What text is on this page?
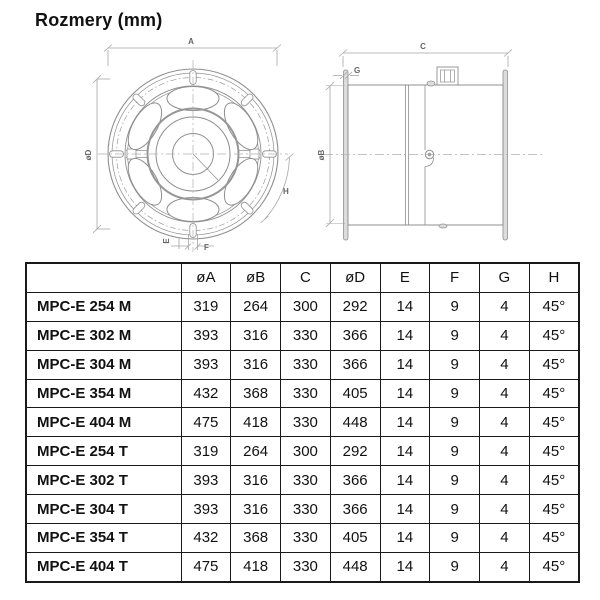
Rozmery (mm)
A
øD
H
E
F
C
G
øB
	øA	øB	C	øD	E	F	G	H
MPC-E 254 M	319	264	300	292	14	9	4	45°
MPC-E 302 M	393	316	330	366	14	9	4	45°
MPC-E 304 M	393	316	330	366	14	9	4	45°
MPC-E 354 M	432	368	330	405	14	9	4	45°
MPC-E 404 M	475	418	330	448	14	9	4	45°
MPC-E 254 T	319	264	300	292	14	9	4	45°
MPC-E 302 T	393	316	330	366	14	9	4	45°
MPC-E 304 T	393	316	330	366	14	9	4	45°
MPC-E 354 T	432	368	330	405	14	9	4	45°
MPC-E 404 T	475	418	330	448	14	9	4	45°
